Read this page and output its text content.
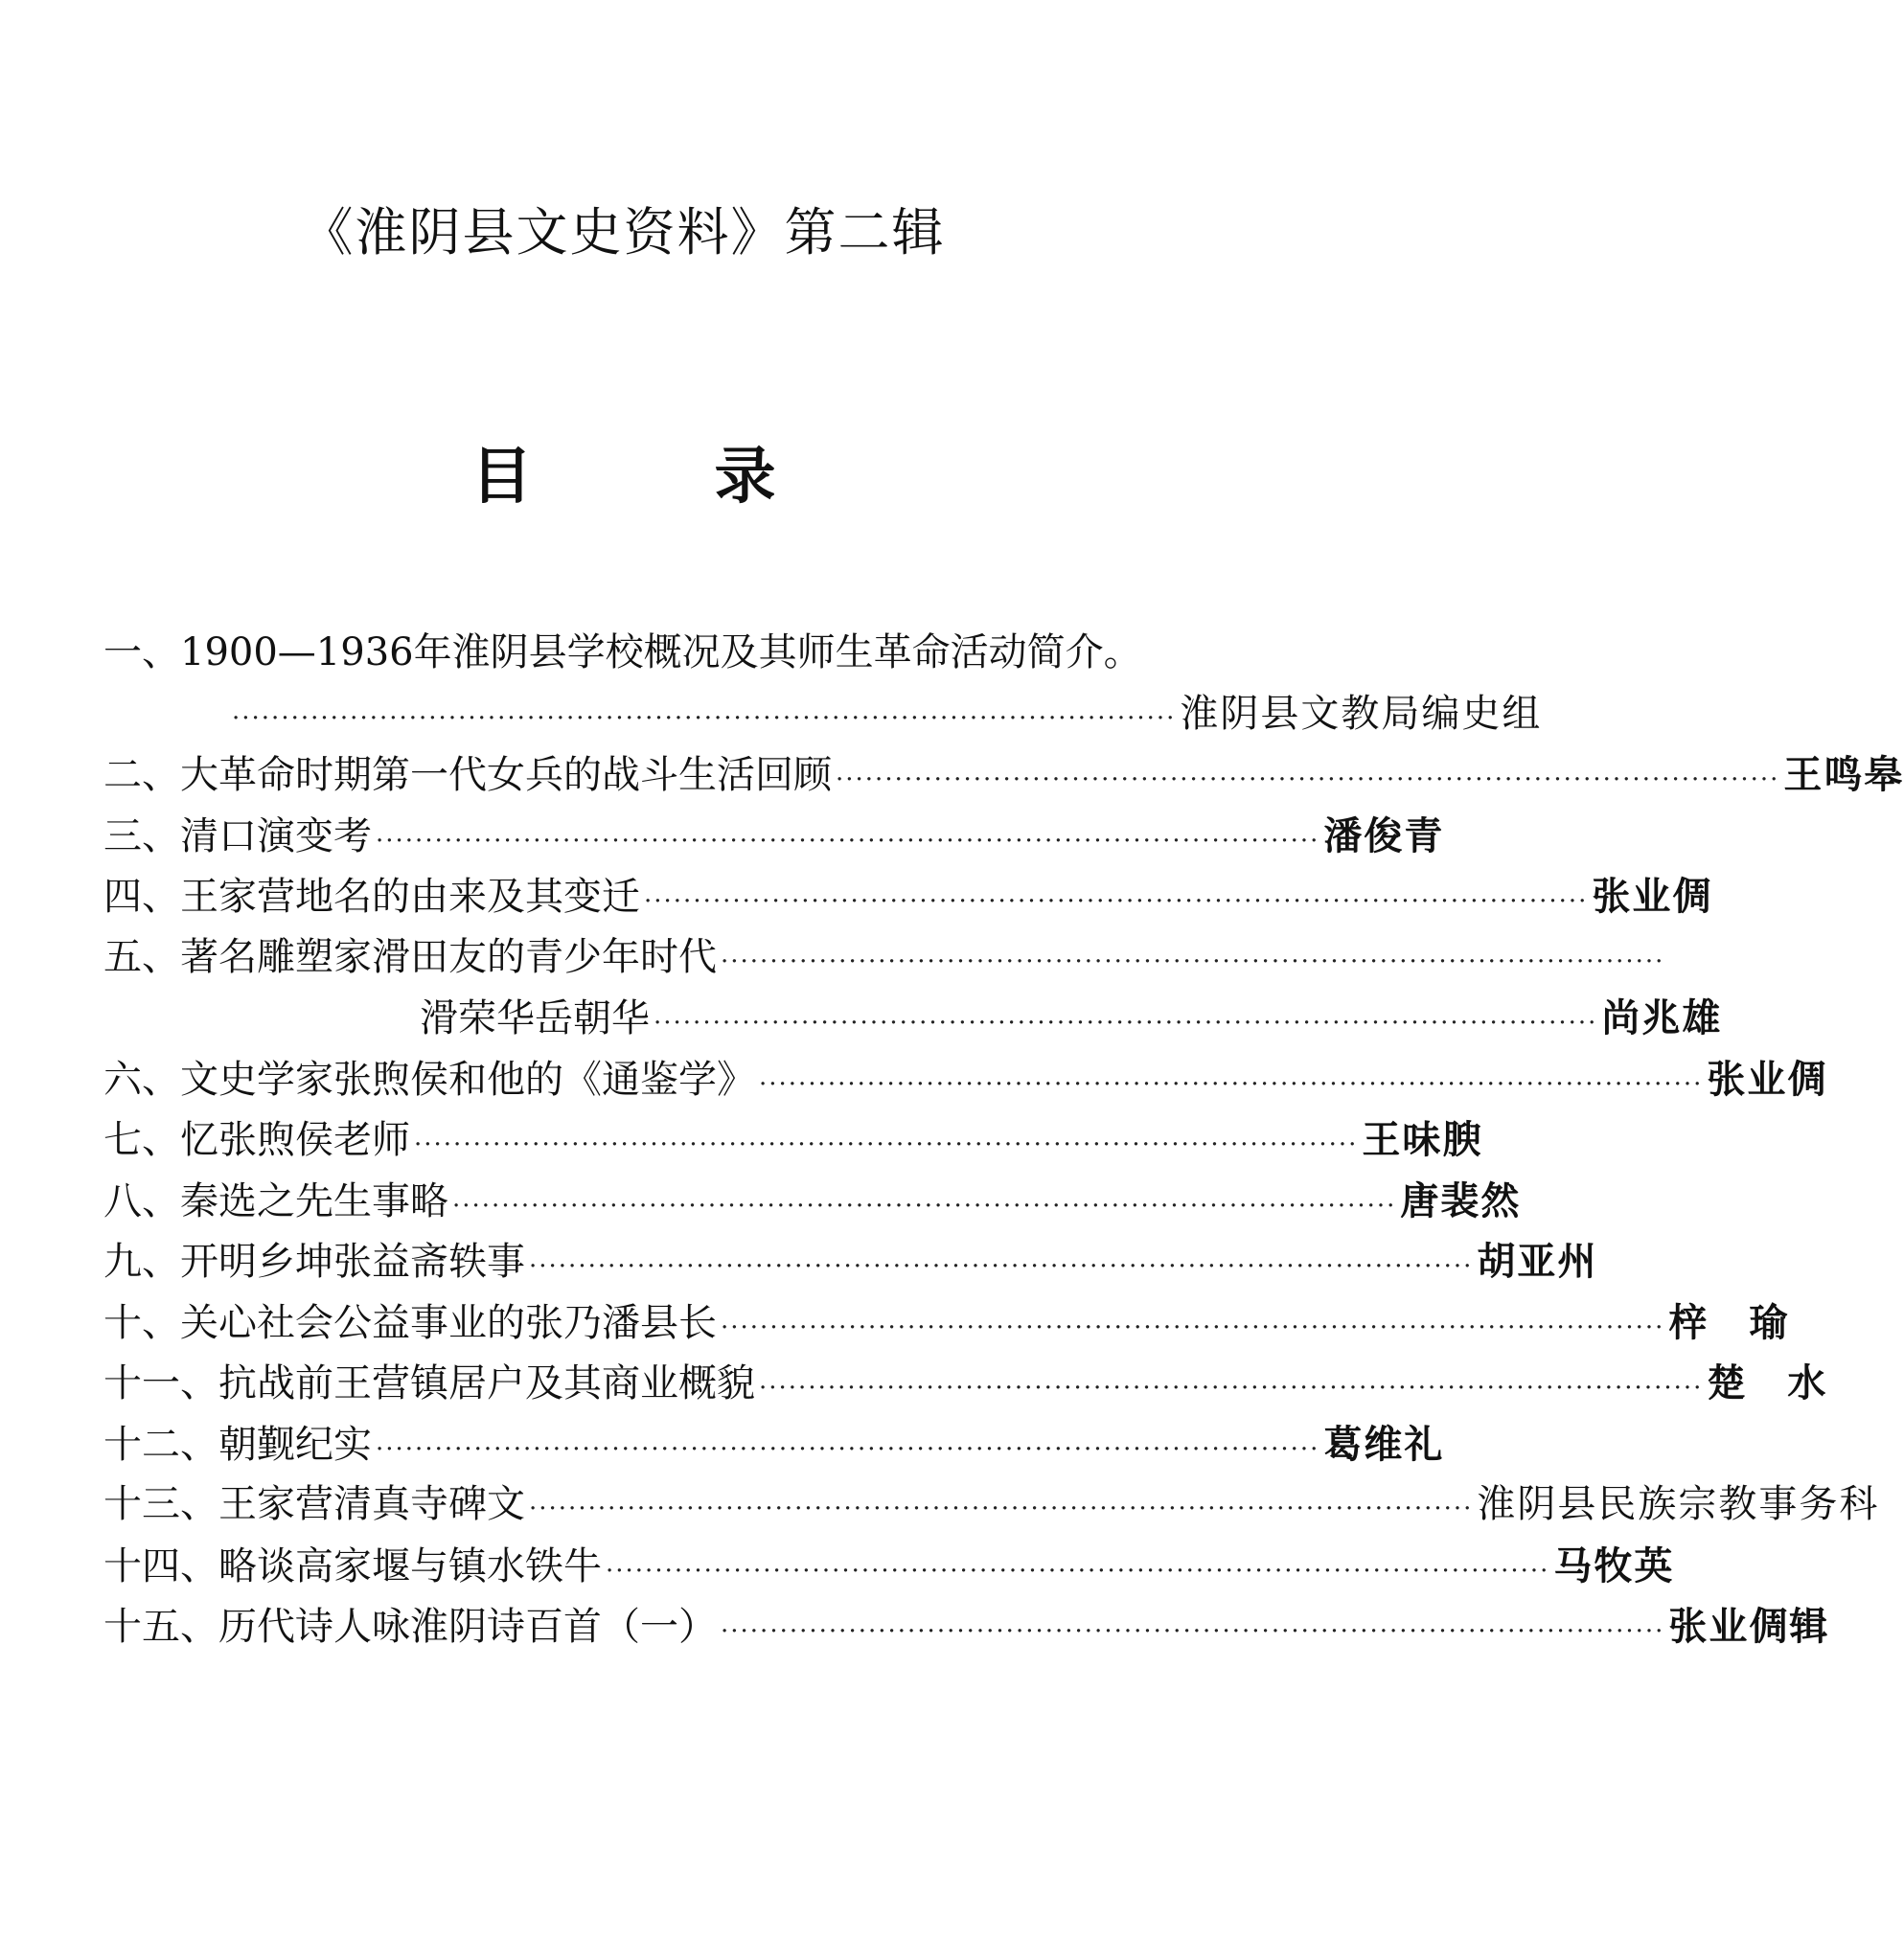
《淮阴县文史资料》第二辑
目	录
一、 1900—1936年淮阴县学校概况及其师生革命活动简介。
································································································ 淮阴县文教局编史组
二、 大革命时期第一代女兵的战斗生活回顾 ································································································ 王鸣皋
三、 清口演变考 ································································································ 潘俊青
四、 王家营地名的由来及其变迁 ································································································ 张业倜
五、 著名雕塑家滑田友的青少年时代 ································································································
滑荣华岳朝华 ································································································ 尚兆雄
六、 文史学家张煦侯和他的《通鉴学》 ································································································ 张业倜
七、 忆张煦侯老师 ································································································ 王味腴
八、 秦选之先生事略 ································································································ 唐裴然
九、 开明乡坤张益斋轶事 ································································································ 胡亚州
十、 关心社会公益事业的张乃潘县长 ································································································ 梓　瑜
十一、 抗战前王营镇居户及其商业概貌 ································································································ 楚　水
十二、 朝觐纪实 ································································································ 葛维礼
十三、 王家营清真寺碑文 ································································································ 淮阴县民族宗教事务科
十四、 略谈高家堰与镇水铁牛 ································································································ 马牧英
十五、 历代诗人咏淮阴诗百首（一） ································································································ 张业倜辑
